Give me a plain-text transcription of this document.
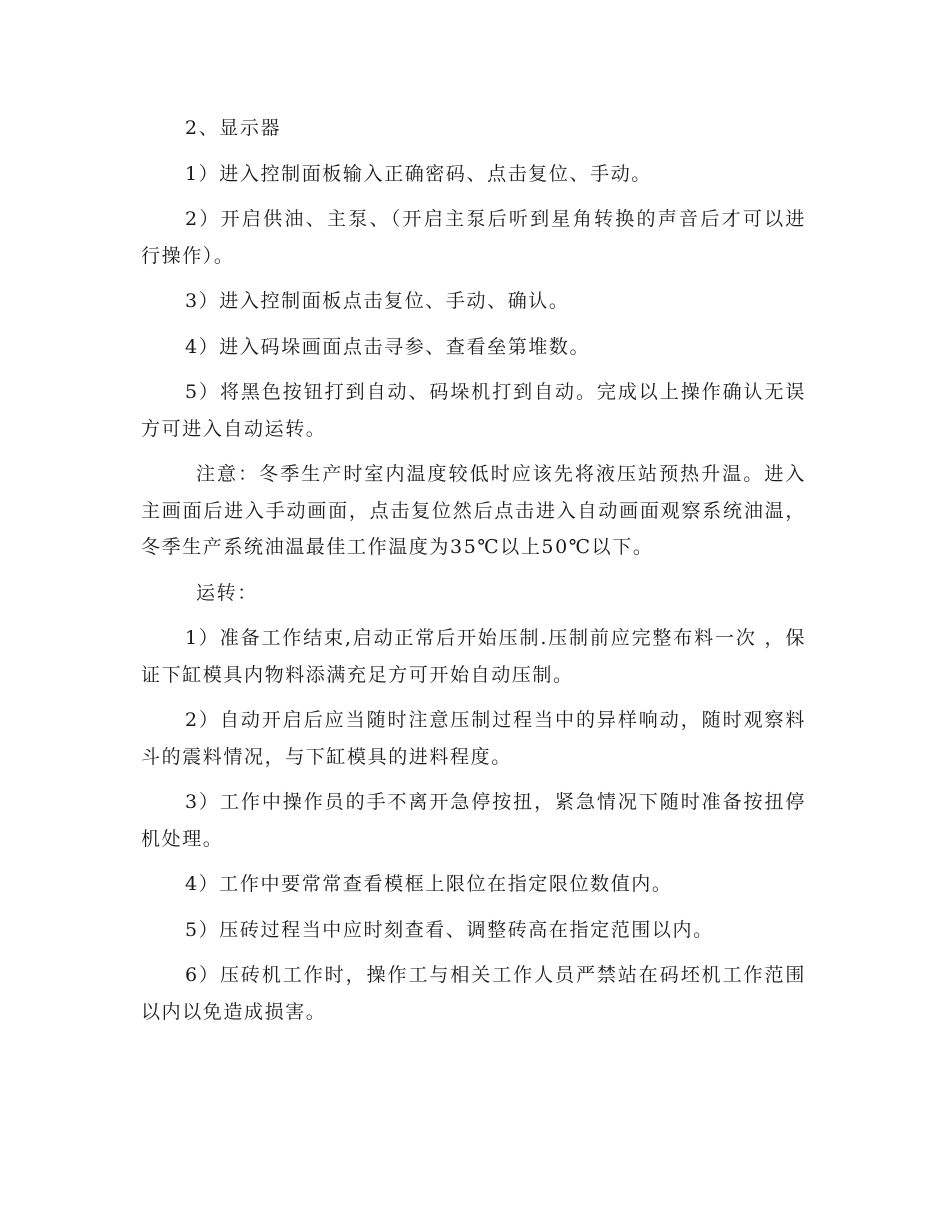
2、显示器

1）进入控制面板输入正确密码、点击复位、手动。

2）开启供油、主泵、（开启主泵后听到星角转换的声音后才可以进行操作）。

3）进入控制面板点击复位、手动、确认。

4）进入码垛画面点击寻参、查看垒第堆数。

5）将黑色按钮打到自动、码垛机打到自动。完成以上操作确认无误方可进入自动运转。

注意：冬季生产时室内温度较低时应该先将液压站预热升温。进入主画面后进入手动画面，点击复位然后点击进入自动画面观察系统油温，冬季生产系统油温最佳工作温度为35℃以上50℃以下。

运转：

1）准备工作结束,启动正常后开始压制.压制前应完整布料一次 ，保证下缸模具内物料添满充足方可开始自动压制。

2）自动开启后应当随时注意压制过程当中的异样响动，随时观察料斗的震料情况，与下缸模具的进料程度。

3）工作中操作员的手不离开急停按扭，紧急情况下随时准备按扭停机处理。

4）工作中要常常查看模框上限位在指定限位数值内。

5）压砖过程当中应时刻查看、调整砖高在指定范围以内。

6）压砖机工作时，操作工与相关工作人员严禁站在码坯机工作范围以内以免造成损害。
